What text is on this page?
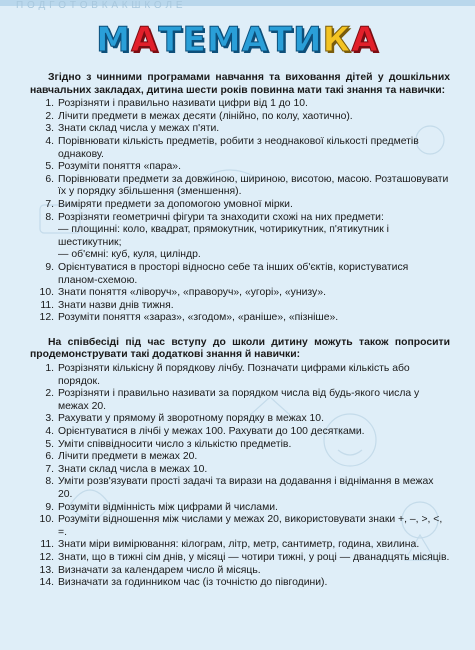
П О Д Г О Т О В К А К Ш К О Л Е
МАТЕМАТИКА

Згідно з чинними програмами навчання та виховання дітей у дошкільних навчальних закладах, дитина шести років повинна мати такі знання та навички:

1. Розрізняти і правильно називати цифри від 1 до 10.
2. Лічити предмети в межах десяти (лінійно, по колу, хаотично).
3. Знати склад числа у межах п'яти.
4. Порівнювати кількість предметів, робити з неоднакової кількості предметів однакову.
5. Розуміти поняття «пара».
6. Порівнювати предмети за довжиною, шириною, висотою, масою. Розташовувати їх у порядку збільшення (зменшення).
7. Виміряти предмети за допомогою умовної мірки.
8. Розрізняти геометричні фігури та знаходити схожі на них предмети:
— площинні: коло, квадрат, прямокутник, чотирикутник, п'ятикутник і шестикутник;
— об'ємні: куб, куля, циліндр.
9. Орієнтуватися в просторі відносно себе та інших об'єктів, користуватися планом-схемою.
10. Знати поняття «ліворуч», «праворуч», «угорі», «унизу».
11. Знати назви днів тижня.
12. Розуміти поняття «зараз», «згодом», «раніше», «пізніше».

На співбесіді під час вступу до школи дитину можуть також попросити продемонструвати такі додаткові знання й навички:

1. Розрізняти кількісну й порядкову лічбу. Позначати цифрами кількість або порядок.
2. Розрізняти і правильно називати за порядком числа від будь-якого числа у межах 20.
3. Рахувати у прямому й зворотному порядку в межах 10.
4. Орієнтуватися в лічбі у межах 100. Рахувати до 100 десятками.
5. Уміти співвідносити число з кількістю предметів.
6. Лічити предмети в межах 20.
7. Знати склад числа в межах 10.
8. Уміти розв'язувати прості задачі та вирази на додавання і віднімання в межах 20.
9. Розуміти відмінність між цифрами й числами.
10. Розуміти відношення між числами у межах 20, використовувати знаки +, –, >, <, =.
11. Знати міри вимірювання: кілограм, літр, метр, сантиметр, година, хвилина.
12. Знати, що в тижні сім днів, у місяці — чотири тижні, у році — дванадцять місяців.
13. Визначати за календарем число й місяць.
14. Визначати за годинником час (із точністю до півгодини).
